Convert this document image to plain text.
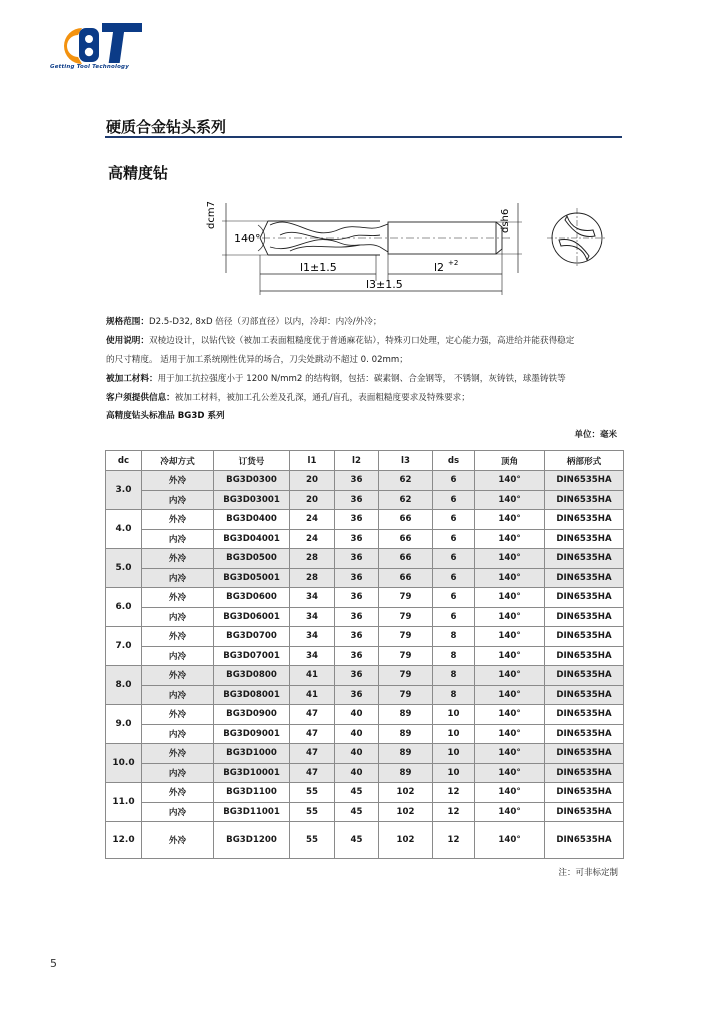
Getting Tool Technology
硬质合金钻头系列
高精度钻
dcm7	dsh6
140°
l1±1.5	l2 +2
l3±1.5
规格范围：D2.5-D32, 8xD 倍径（刃部直径）以内，冷却：内冷/外冷；
使用说明：双棱边设计，以钻代铰（被加工表面粗糙度优于普通麻花钻），特殊刃口处理，定心能力强，高进给并能获得稳定
的尺寸精度。 适用于加工系统刚性优异的场合，刀尖处跳动不超过 0. 02mm；
被加工材料：用于加工抗拉强度小于 1200 N/mm2 的结构钢，包括：碳素钢、合金钢等， 不锈钢，灰铸铁，球墨铸铁等
客户须提供信息：被加工材料，被加工孔公差及孔深，通孔/盲孔，表面粗糙度要求及特殊要求；
高精度钻头标准品 BG3D 系列
单位：毫米
dc	冷却方式	订货号	l1	l2	l3	ds	顶角	柄部形式
3.0	外冷	BG3D0300	20	36	62	6	140°	DIN6535HA
	内冷	BG3D03001	20	36	62	6	140°	DIN6535HA
4.0	外冷	BG3D0400	24	36	66	6	140°	DIN6535HA
	内冷	BG3D04001	24	36	66	6	140°	DIN6535HA
5.0	外冷	BG3D0500	28	36	66	6	140°	DIN6535HA
	内冷	BG3D05001	28	36	66	6	140°	DIN6535HA
6.0	外冷	BG3D0600	34	36	79	6	140°	DIN6535HA
	内冷	BG3D06001	34	36	79	6	140°	DIN6535HA
7.0	外冷	BG3D0700	34	36	79	8	140°	DIN6535HA
	内冷	BG3D07001	34	36	79	8	140°	DIN6535HA
8.0	外冷	BG3D0800	41	36	79	8	140°	DIN6535HA
	内冷	BG3D08001	41	36	79	8	140°	DIN6535HA
9.0	外冷	BG3D0900	47	40	89	10	140°	DIN6535HA
	内冷	BG3D09001	47	40	89	10	140°	DIN6535HA
10.0	外冷	BG3D1000	47	40	89	10	140°	DIN6535HA
	内冷	BG3D10001	47	40	89	10	140°	DIN6535HA
11.0	外冷	BG3D1100	55	45	102	12	140°	DIN6535HA
	内冷	BG3D11001	55	45	102	12	140°	DIN6535HA
12.0	外冷	BG3D1200	55	45	102	12	140°	DIN6535HA
注：可非标定制
5
